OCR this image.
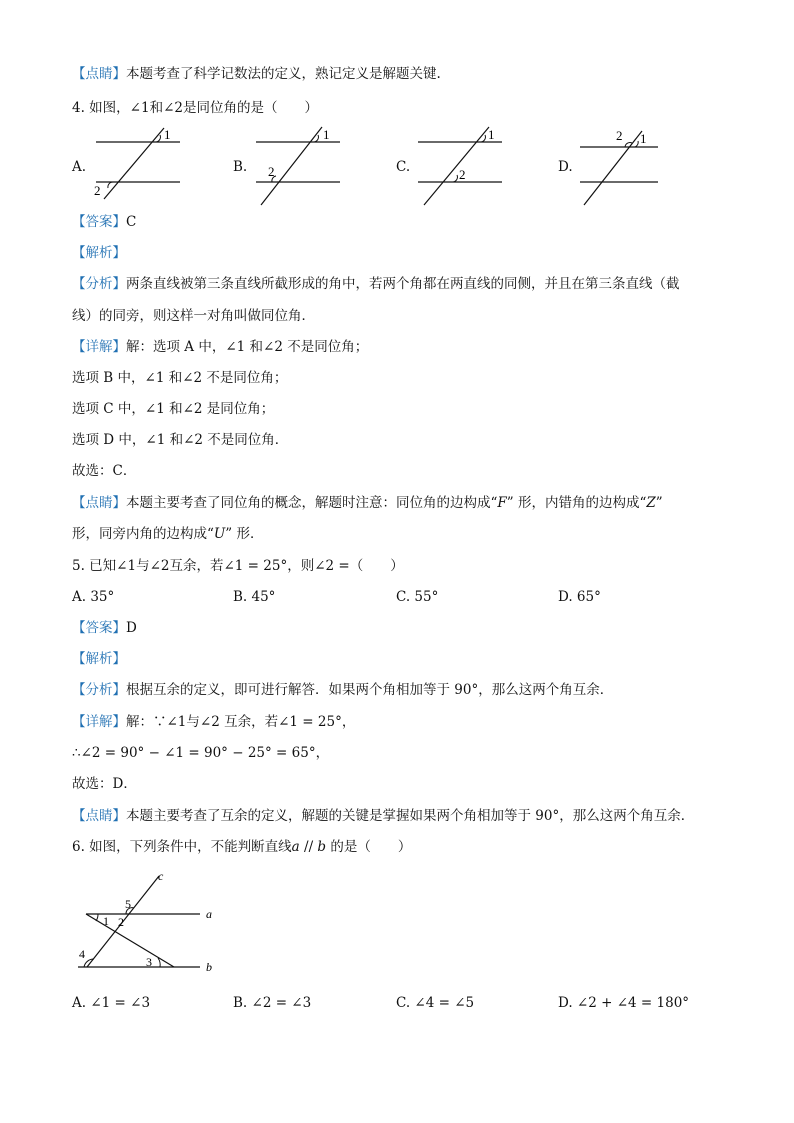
【点睛】本题考查了科学记数法的定义，熟记定义是解题关键.
4. 如图，∠1和∠2是同位角的是（　　）
A.
1
2
B.
1
2	C.
1
2	D.
2 1
【答案】C
【解析】
【分析】两条直线被第三条直线所截形成的角中，若两个角都在两直线的同侧，并且在第三条直线（截
线）的同旁，则这样一对角叫做同位角．
【详解】解：选项 A 中，∠1 和∠2 不是同位角；
选项 B 中，∠1 和∠2 不是同位角；
选项 C 中，∠1 和∠2 是同位角；
选项 D 中，∠1 和∠2 不是同位角．
故选：C．
【点睛】本题主要考查了同位角的概念，解题时注意：同位角的边构成“F” 形，内错角的边构成“Z”
形，同旁内角的边构成“U” 形．
5. 已知∠1与∠2互余，若∠1 = 25°，则∠2 =（　　）
A. 35°	B. 45°	C. 55°	D. 65°
【答案】D
【解析】
【分析】根据互余的定义，即可进行解答．如果两个角相加等于 90°，那么这两个角互余．
【详解】解：∵∠1与∠2 互余，若∠1 = 25°，
∴∠2 = 90° − ∠1 = 90° − 25° = 65°，
故选：D．
【点睛】本题主要考查了互余的定义，解题的关键是掌握如果两个角相加等于 90°，那么这两个角互余．
6. 如图，下列条件中，不能判断直线a // b 的是（　　）
c
a
b
5
2
1
4
3
A. ∠1 = ∠3	B. ∠2 = ∠3	C. ∠4 = ∠5	D. ∠2 + ∠4 = 180°
